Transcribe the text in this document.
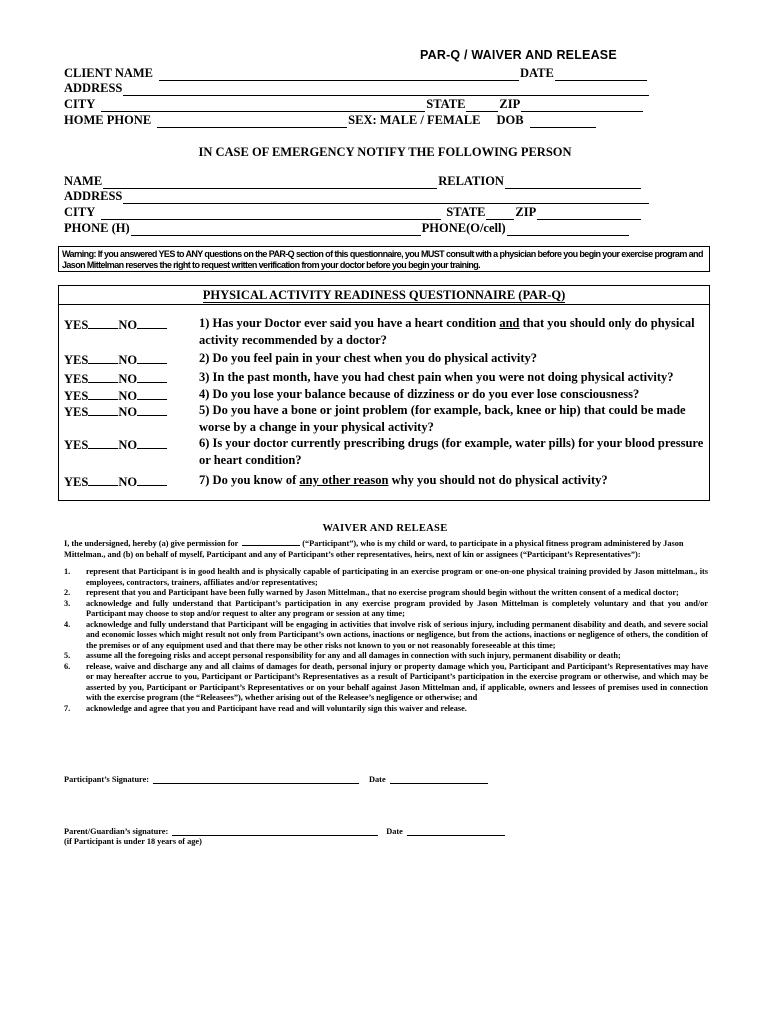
PAR-Q / WAIVER AND RELEASE
CLIENT NAME	DATE
ADDRESS
CITY	STATE	ZIP
HOME PHONE	SEX: MALE / FEMALE DOB
IN CASE OF EMERGENCY NOTIFY THE FOLLOWING PERSON
NAME	RELATION
ADDRESS
CITY	STATE ZIP
PHONE (H)	PHONE(O/cell)
Warning: If you answered YES to ANY questions on the PAR-Q section of this questionnaire, you MUST consult with a physician before you begin your exercise program and Jason Mittelman reserves the right to request written verification from your doctor before you begin your training.
PHYSICAL ACTIVITY READINESS QUESTIONNAIRE (PAR-Q)
YES NO	1) Has your Doctor ever said you have a heart condition and that you should only do physical activity recommended by a doctor?
YES NO	2) Do you feel pain in your chest when you do physical activity?
YES NO	3) In the past month, have you had chest pain when you were not doing physical activity?
YES NO	4) Do you lose your balance because of dizziness or do you ever lose consciousness?
YES NO	5) Do you have a bone or joint problem (for example, back, knee or hip) that could be made worse by a change in your physical activity?
YES NO	6) Is your doctor currently prescribing drugs (for example, water pills) for your blood pressure or heart condition?
YES NO	7) Do you know of any other reason why you should not do physical activity?
WAIVER AND RELEASE
I, the undersigned, hereby (a) give permission for	(“Participant”), who is my child or ward, to participate in a physical fitness program administered by Jason Mittelman., and (b) on behalf of myself, Participant and any of Participant’s other representatives, heirs, next of kin or assignees (“Participant’s Representatives”):
1.	represent that Participant is in good health and is physically capable of participating in an exercise program or one-on-one physical training provided by Jason mittelman., its employees, contractors, trainers, affiliates and/or representatives;
2.	represent that you and Participant have been fully warned by Jason Mittelman., that no exercise program should begin without the written consent of a medical doctor;
3.	acknowledge and fully understand that Participant’s participation in any exercise program provided by Jason Mittelman is completely voluntary and that you and/or Participant may choose to stop and/or request to alter any program or session at any time;
4.	acknowledge and fully understand that Participant will be engaging in activities that involve risk of serious injury, including permanent disability and death, and severe social and economic losses which might result not only from Participant’s own actions, inactions or negligence, but from the actions, inactions or negligence of others, the condition of the premises or of any equipment used and that there may be other risks not known to you or not reasonably foreseeable at this time;
5.	assume all the foregoing risks and accept personal responsibility for any and all damages in connection with such injury, permanent disability or death;
6.	release, waive and discharge any and all claims of damages for death, personal injury or property damage which you, Participant and Participant’s Representatives may have or may hereafter accrue to you, Participant or Participant’s Representatives as a result of Participant’s participation in the exercise program or otherwise, and which may be asserted by you, Participant or Participant’s Representatives or on your behalf against Jason Mittelman and, if applicable, owners and lessees of premises used in connection with the exercise program (the “Releasees”), whether arising out of the Releasee’s negligence or otherwise; and
7.	acknowledge and agree that you and Participant have read and will voluntarily sign this waiver and release.
Participant’s Signature:	Date
Parent/Guardian’s signature:	Date
(if Participant is under 18 years of age)
